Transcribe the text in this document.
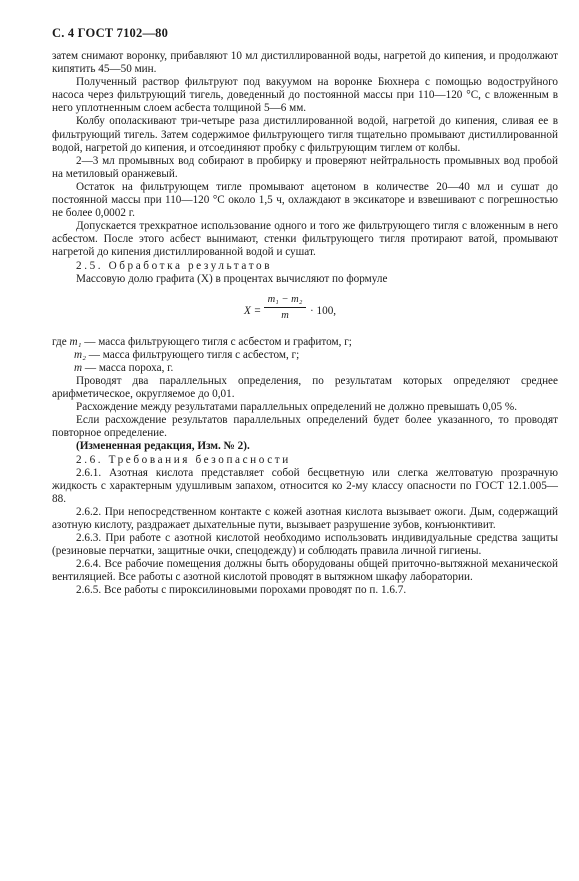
С. 4 ГОСТ 7102—80

затем снимают воронку, прибавляют 10 мл дистиллированной воды, нагретой до кипения, и продолжают кипятить 45—50 мин.

Полученный раствор фильтруют под вакуумом на воронке Бюхнера с помощью водоструйного насоса через фильтрующий тигель, доведенный до постоянной массы при 110—120 °С, с вложенным в него уплотненным слоем асбеста толщиной 5—6 мм.

Колбу ополаскивают три-четыре раза дистиллированной водой, нагретой до кипения, сливая ее в фильтрующий тигель. Затем содержимое фильтрующего тигля тщательно промывают дистиллированной водой, нагретой до кипения, и отсоединяют пробку с фильтрующим тиглем от колбы.

2—3 мл промывных вод собирают в пробирку и проверяют нейтральность промывных вод пробой на метиловый оранжевый.

Остаток на фильтрующем тигле промывают ацетоном в количестве 20—40 мл и сушат до постоянной массы при 110—120 °С около 1,5 ч, охлаждают в эксикаторе и взвешивают с погрешностью не более 0,0002 г.

Допускается трехкратное использование одного и того же фильтрующего тигля с вложенным в него асбестом. После этого асбест вынимают, стенки фильтрующего тигля протирают ватой, промывают нагретой до кипения дистиллированной водой и сушат.

2.5. Обработка результатов

Массовую долю графита (X) в процентах вычисляют по формуле

$X = \frac{\text{m₁ − m₂}}{m} \cdot 100$,
где m₁ — масса фильтрующего тигля с асбестом и графитом, г;
m₂ — масса фильтрующего тигля с асбестом, г;
m — масса пороха, г.

Проводят два параллельных определения, по результатам которых определяют среднее арифметическое, округляемое до 0,01.

Расхождение между результатами параллельных определений не должно превышать 0,05 %.

Если расхождение результатов параллельных определений будет более указанного, то проводят повторное определение.

(Измененная редакция, Изм. № 2).

2.6. Требования безопасности

2.6.1. Азотная кислота представляет собой бесцветную или слегка желтоватую прозрачную жидкость с характерным удушливым запахом, относится ко 2-му классу опасности по ГОСТ 12.1.005—88.

2.6.2. При непосредственном контакте с кожей азотная кислота вызывает ожоги. Дым, содержащий азотную кислоту, раздражает дыхательные пути, вызывает разрушение зубов, конъюнктивит.

2.6.3. При работе с азотной кислотой необходимо использовать индивидуальные средства защиты (резиновые перчатки, защитные очки, спецодежду) и соблюдать правила личной гигиены.

2.6.4. Все рабочие помещения должны быть оборудованы общей приточно-вытяжной механической вентиляцией. Все работы с азотной кислотой проводят в вытяжном шкафу лаборатории.

2.6.5. Все работы с пироксилиновыми порохами проводят по п. 1.6.7.
